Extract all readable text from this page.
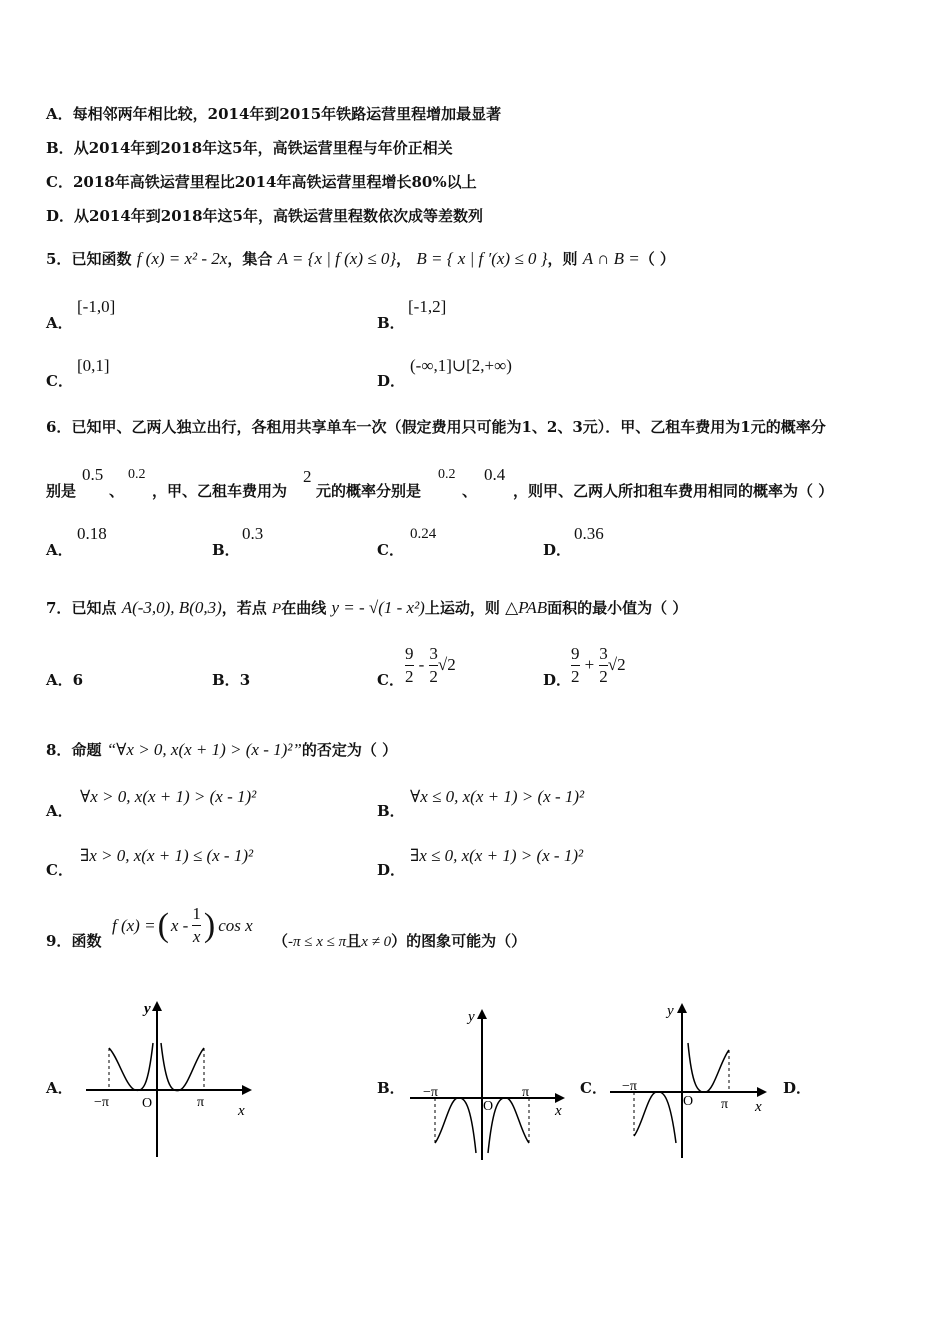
A．每相邻两年相比较，2014年到2015年铁路运营里程增加最显著
B．从2014年到2018年这5年，高铁运营里程与年价正相关
C．2018年高铁运营里程比2014年高铁运营里程增长80%以上
D．从2014年到2018年这5年，高铁运营里程数依次成等差数列
5．已知函数 f (x) = x² - 2x，集合 A = {x | f (x) ≤ 0}， B = { x | f ′(x) ≤ 0 }，则 A ∩ B =（ ）
A．
[-1,0]
B．
[-1,2]
C．
[0,1]
D．
(-∞,1]∪[2,+∞)
6．已知甲、乙两人独立出行，各租用共享单车一次（假定费用只可能为1、2、3元）．甲、乙租车费用为1元的概率分
别是
0.5
、
0.2
，甲、乙租车费用为
2
元的概率分别是
0.2
、
0.4
，则甲、乙两人所扣租车费用相同的概率为（ ）
A．
0.18
B．
0.3
C．
0.24
D．
0.36
7．已知点 A(-3,0), B(0,3)，若点 P在曲线 y = - √(1 - x²)上运动，则 △PAB面积的最小值为（ ）
A．6	B．3	C． $\frac{9}{2} - \frac{3}{2} √2$
D． $\frac{9}{2} + \frac{3}{2} √2$
8．命题 “∀x > 0, x(x + 1) > (x - 1)²”的否定为（ ）
A．
∀x > 0, x(x + 1) > (x - 1)²
B．
∀x ≤ 0, x(x + 1) > (x - 1)²
C．
∃x > 0, x(x + 1) ≤ (x - 1)²
D．
∃x ≤ 0, x(x + 1) > (x - 1)²
9．函数
f (x) = ( x - $\frac{1}{x}$ ) cos x
（-π ≤ x ≤ π且x ≠ 0）的图象可能为（）
A．	B．	C．	D．
y
x
O
−π	π
y
x
O
−π	π
y
x
O
−π
π
